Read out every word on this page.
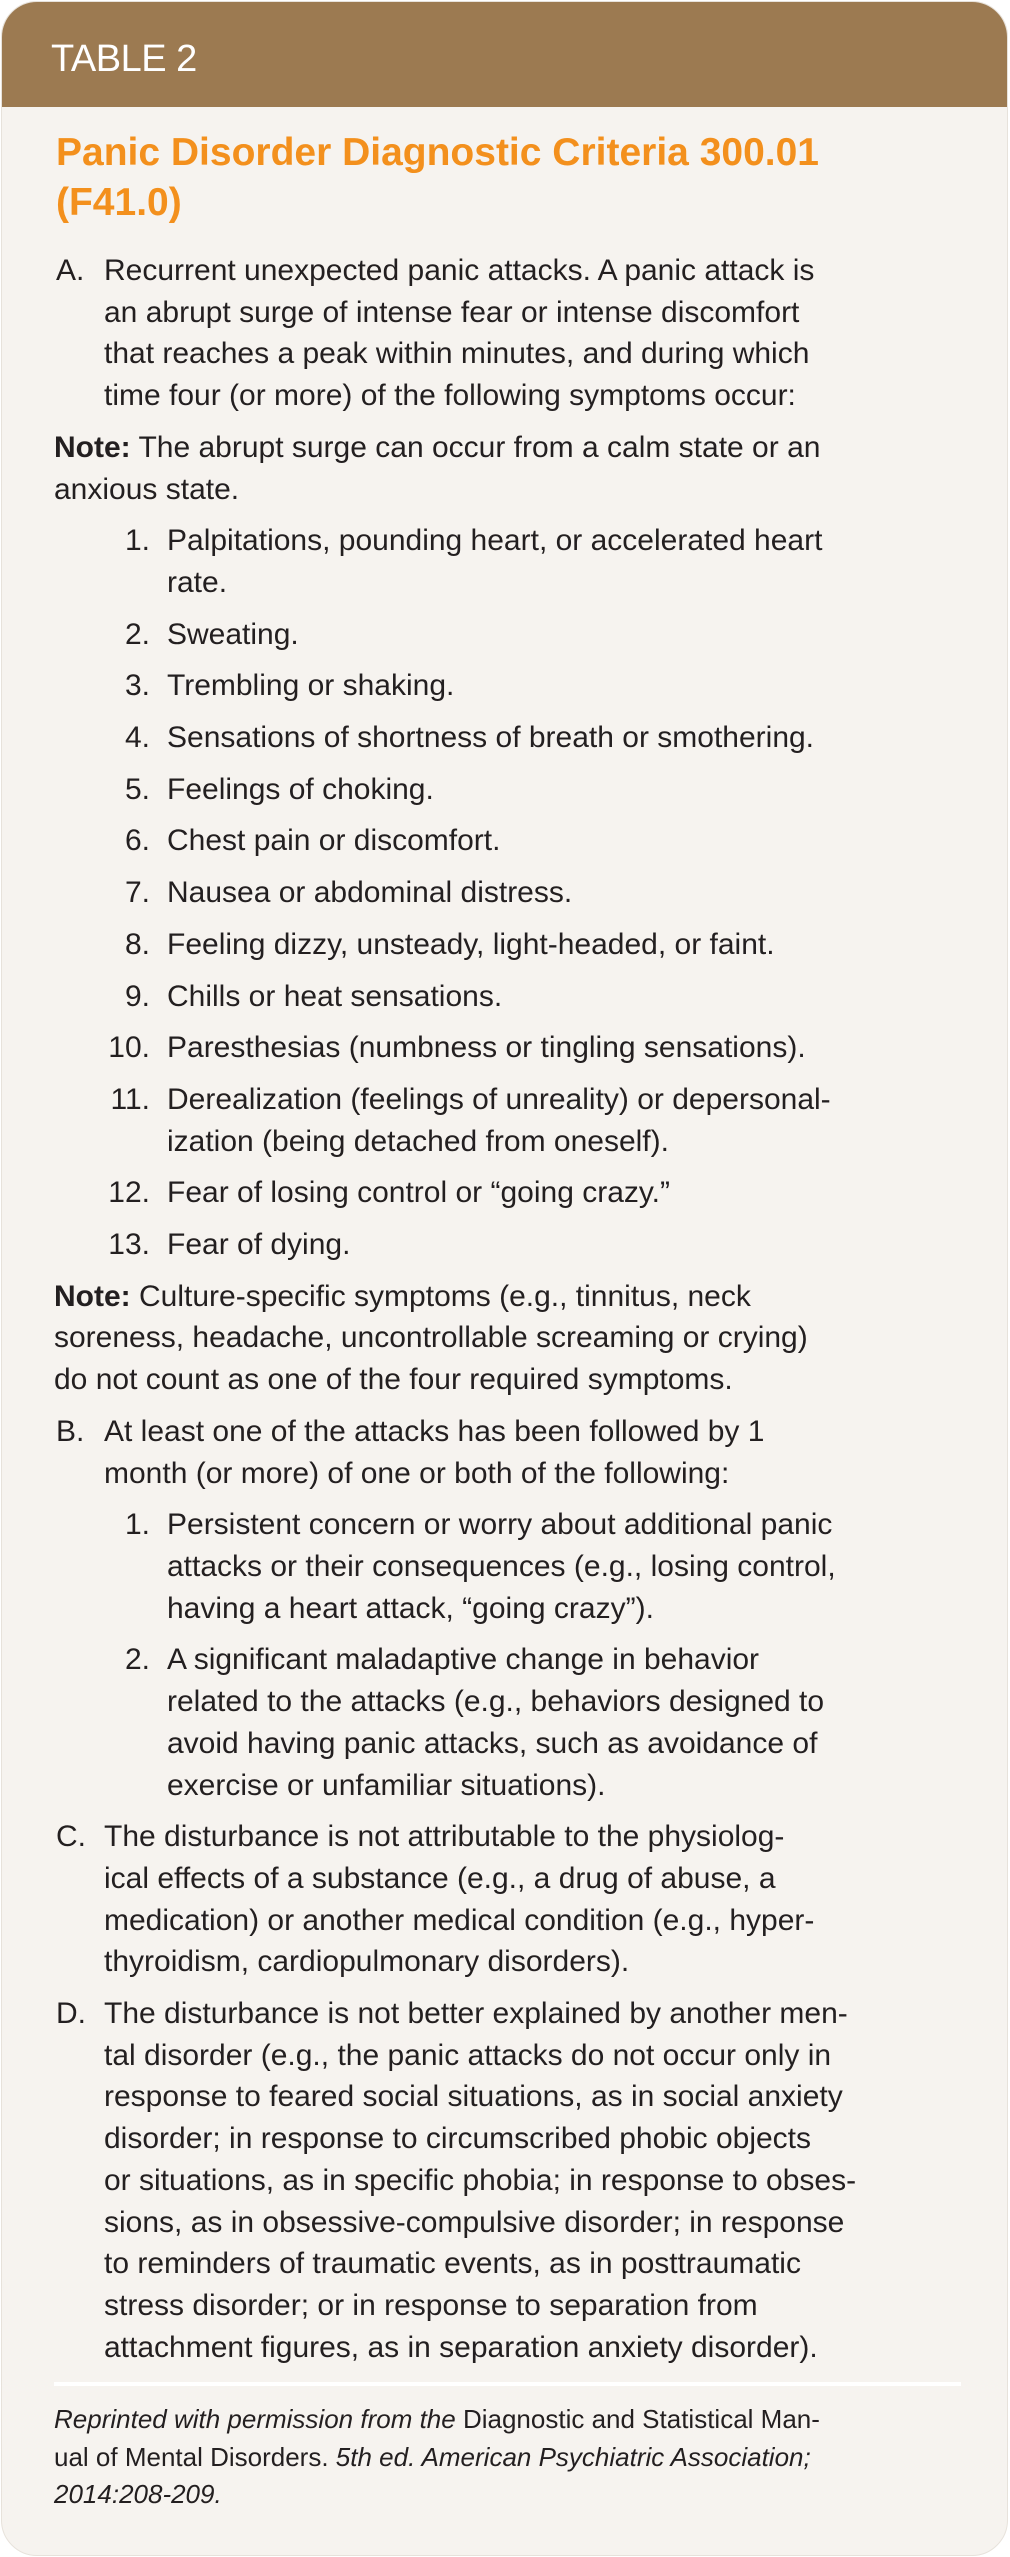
TABLE 2
Panic Disorder Diagnostic Criteria 300.01
(F41.0)
A. Recurrent unexpected panic attacks. A panic attack is
an abrupt surge of intense fear or intense discomfort
that reaches a peak within minutes, and during which
time four (or more) of the following symptoms occur:
Note: The abrupt surge can occur from a calm state or an
anxious state.
1. Palpitations, pounding heart, or accelerated heart
rate.
2. Sweating.
3. Trembling or shaking.
4. Sensations of shortness of breath or smothering.
5. Feelings of choking.
6. Chest pain or discomfort.
7. Nausea or abdominal distress.
8. Feeling dizzy, unsteady, light-headed, or faint.
9. Chills or heat sensations.
10. Paresthesias (numbness or tingling sensations).
11. Derealization (feelings of unreality) or depersonal-
ization (being detached from oneself).
12. Fear of losing control or “going crazy.”
13. Fear of dying.
Note: Culture-specific symptoms (e.g., tinnitus, neck
soreness, headache, uncontrollable screaming or crying)
do not count as one of the four required symptoms.
B. At least one of the attacks has been followed by 1
month (or more) of one or both of the following:
1. Persistent concern or worry about additional panic
attacks or their consequences (e.g., losing control,
having a heart attack, “going crazy”).
2. A significant maladaptive change in behavior
related to the attacks (e.g., behaviors designed to
avoid having panic attacks, such as avoidance of
exercise or unfamiliar situations).
C. The disturbance is not attributable to the physiolog-
ical effects of a substance (e.g., a drug of abuse, a
medication) or another medical condition (e.g., hyper-
thyroidism, cardiopulmonary disorders).
D. The disturbance is not better explained by another men-
tal disorder (e.g., the panic attacks do not occur only in
response to feared social situations, as in social anxiety
disorder; in response to circumscribed phobic objects
or situations, as in specific phobia; in response to obses-
sions, as in obsessive-compulsive disorder; in response
to reminders of traumatic events, as in posttraumatic
stress disorder; or in response to separation from
attachment figures, as in separation anxiety disorder).
Reprinted with permission from the Diagnostic and Statistical Man-
ual of Mental Disorders. 5th ed. American Psychiatric Association;
2014:208-209.
